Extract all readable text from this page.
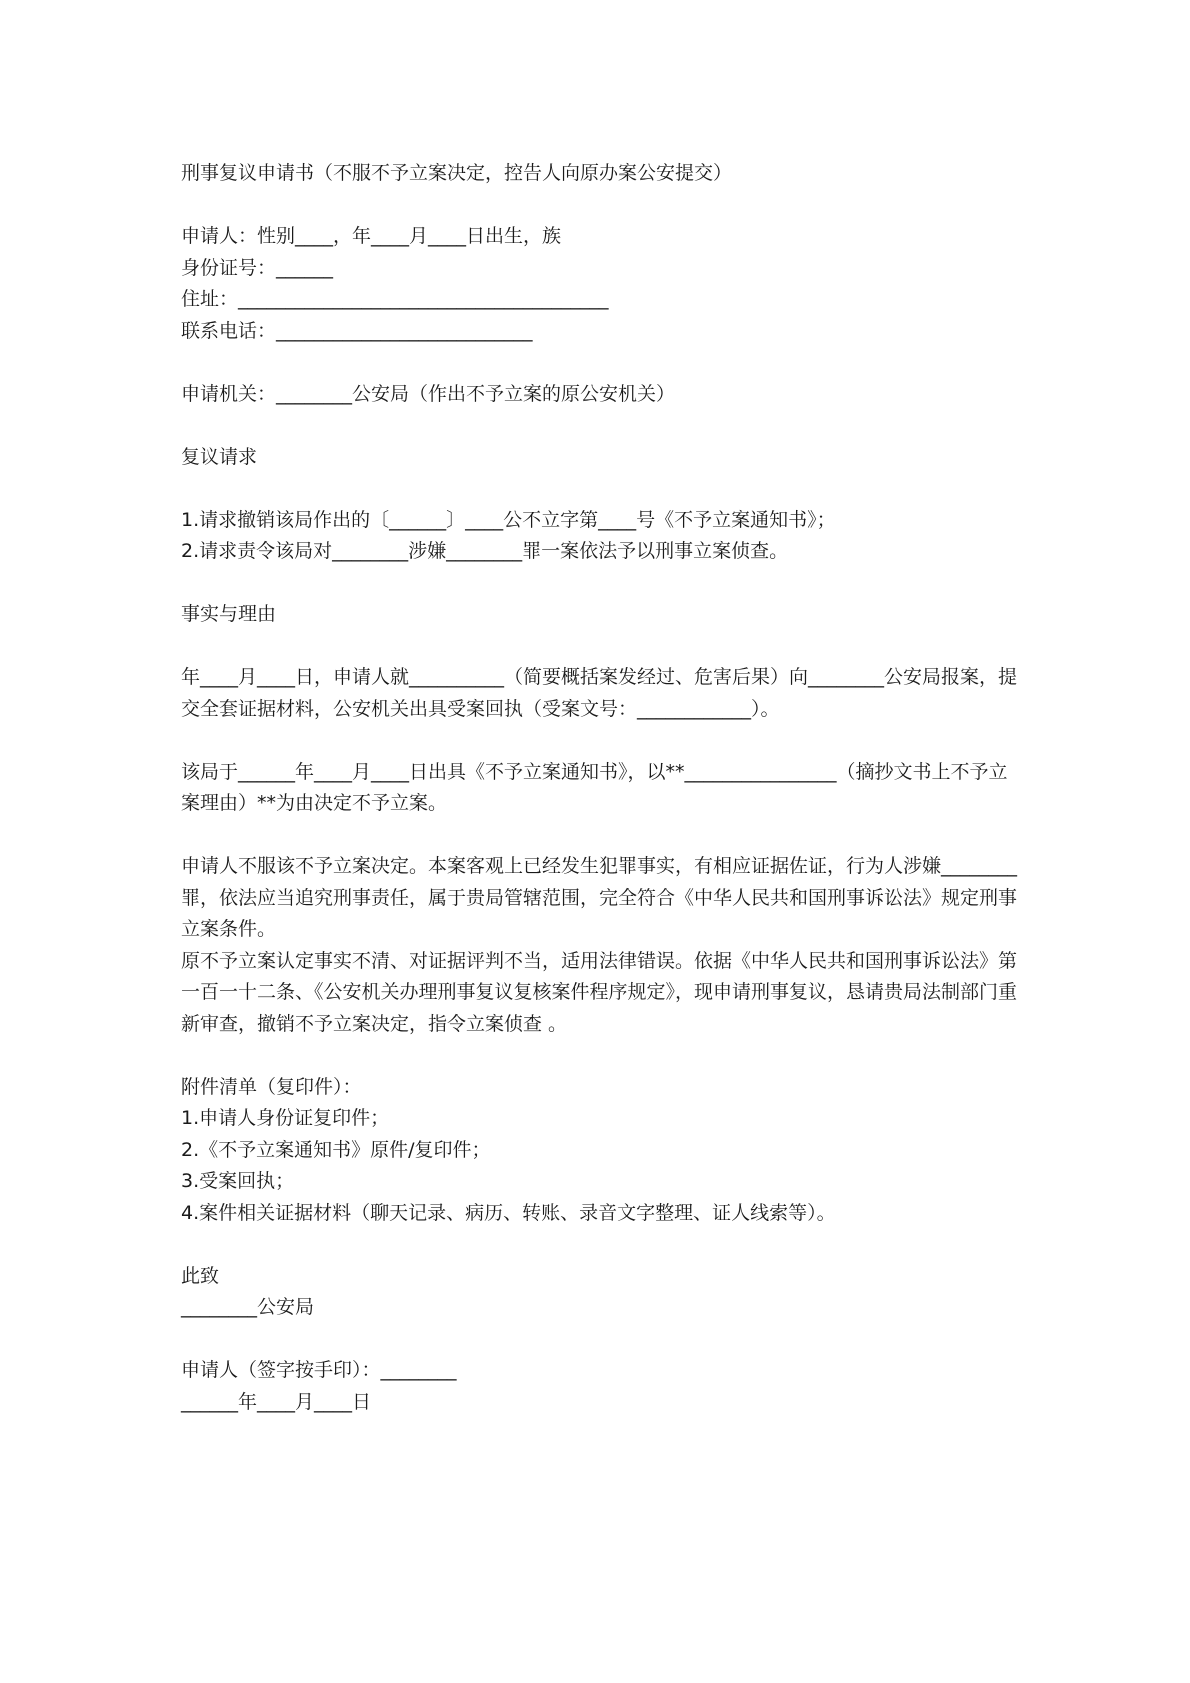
刑事复议申请书（不服不予立案决定，控告人向原办案公安提交）

申请人：性别____，年____月____日出生，族

身份证号：______

住址：_______________________________________

联系电话：___________________________

申请机关：________公安局（作出不予立案的原公安机关）

复议请求

1.请求撤销该局作出的〔______〕____公不立字第____号《不予立案通知书》；

2.请求责令该局对________涉嫌________罪一案依法予以刑事立案侦查。

事实与理由

年____月____日，申请人就__________（简要概括案发经过、危害后果）向________公安局报案，提交全套证据材料，公安机关出具受案回执（受案文号：____________）。

该局于______年____月____日出具《不予立案通知书》，以**________________（摘抄文书上不予立案理由）**为由决定不予立案。

申请人不服该不予立案决定。本案客观上已经发生犯罪事实，有相应证据佐证，行为人涉嫌________罪，依法应当追究刑事责任，属于贵局管辖范围，完全符合《中华人民共和国刑事诉讼法》规定刑事立案条件。

原不予立案认定事实不清、对证据评判不当，适用法律错误。依据《中华人民共和国刑事诉讼法》第一百一十二条、《公安机关办理刑事复议复核案件程序规定》，现申请刑事复议，恳请贵局法制部门重新审查，撤销不予立案决定，指令立案侦查 。

附件清单（复印件）：

1.申请人身份证复印件；

2.《不予立案通知书》原件/复印件；

3.受案回执；

4.案件相关证据材料（聊天记录、病历、转账、录音文字整理、证人线索等）。

此致

________公安局

申请人（签字按手印）：________

______年____月____日
